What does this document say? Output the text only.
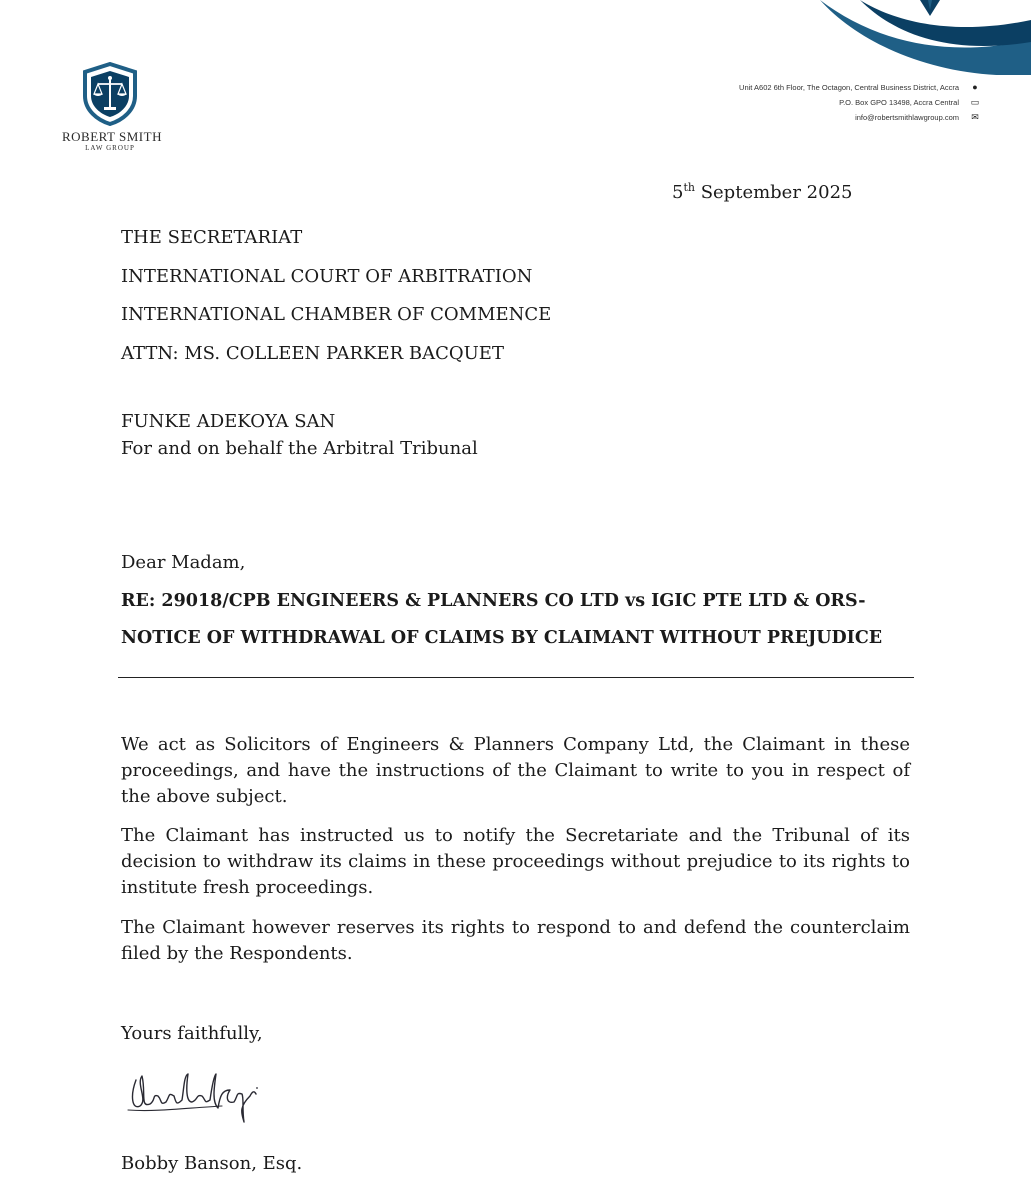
ROBERT SMITH
LAW GROUP
Unit A602 6th Floor, The Octagon, Central Business District, Accra ●
P.O. Box GPO 13498, Accra Central ▭
info@robertsmithlawgroup.com ✉
5th September 2025
THE SECRETARIAT
INTERNATIONAL COURT OF ARBITRATION
INTERNATIONAL CHAMBER OF COMMENCE
ATTN: MS. COLLEEN PARKER BACQUET
FUNKE ADEKOYA SAN
For and on behalf the Arbitral Tribunal
Dear Madam,
RE: 29018/CPB ENGINEERS & PLANNERS CO LTD vs IGIC PTE LTD & ORS-
NOTICE OF WITHDRAWAL OF CLAIMS BY CLAIMANT WITHOUT PREJUDICE
We act as Solicitors of Engineers & Planners Company Ltd, the Claimant in these proceedings, and have the instructions of the Claimant to write to you in respect of the above subject.
The Claimant has instructed us to notify the Secretariate and the Tribunal of its decision to withdraw its claims in these proceedings without prejudice to its rights to institute fresh proceedings.
The Claimant however reserves its rights to respond to and defend the counterclaim filed by the Respondents.
Yours faithfully,
Bobby Banson, Esq.
